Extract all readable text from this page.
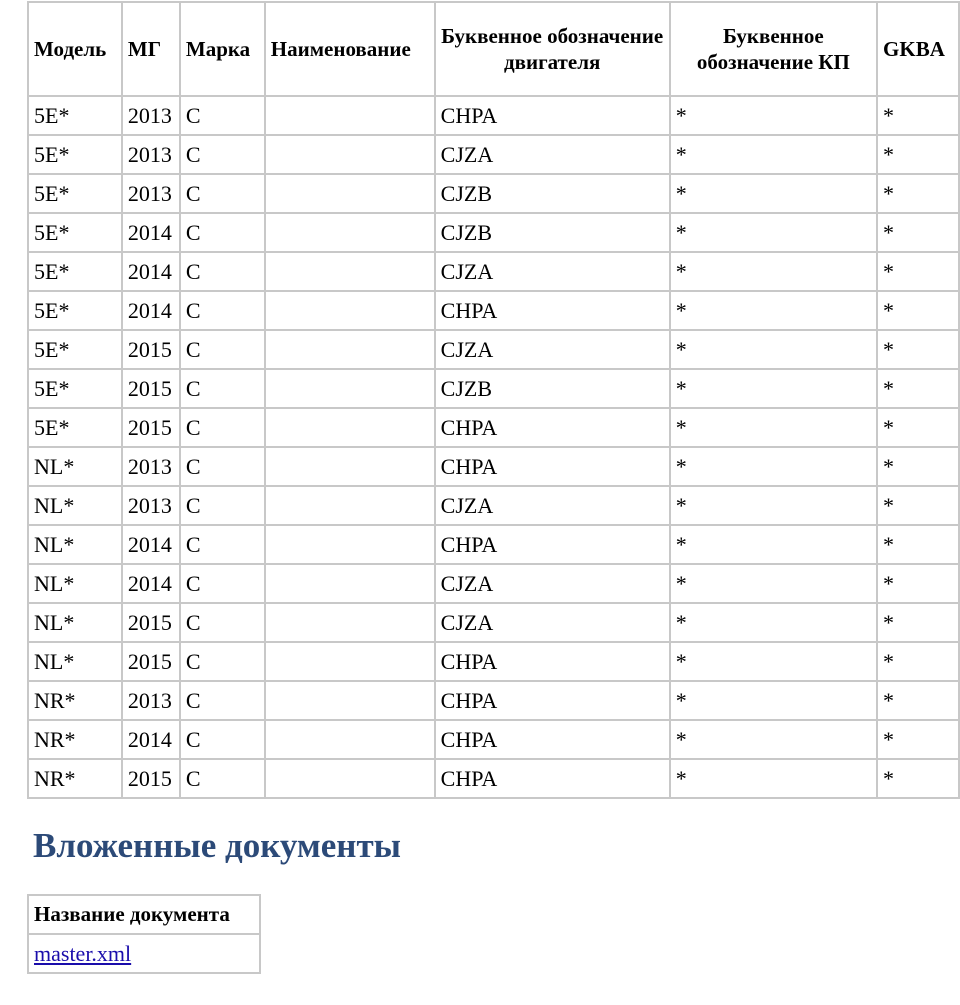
Модель	МГ	Марка	Наименование	Буквенное обозначение двигателя	Буквенное обозначение КП	GKBA
5E*	2013	C		CHPA	*	*
5E*	2013	C		CJZA	*	*
5E*	2013	C		CJZB	*	*
5E*	2014	C		CJZB	*	*
5E*	2014	C		CJZA	*	*
5E*	2014	C		CHPA	*	*
5E*	2015	C		CJZA	*	*
5E*	2015	C		CJZB	*	*
5E*	2015	C		CHPA	*	*
NL*	2013	C		CHPA	*	*
NL*	2013	C		CJZA	*	*
NL*	2014	C		CHPA	*	*
NL*	2014	C		CJZA	*	*
NL*	2015	C		CJZA	*	*
NL*	2015	C		CHPA	*	*
NR*	2013	C		CHPA	*	*
NR*	2014	C		CHPA	*	*
NR*	2015	C		CHPA	*	*
Вложенные документы
Название документа
master.xml
